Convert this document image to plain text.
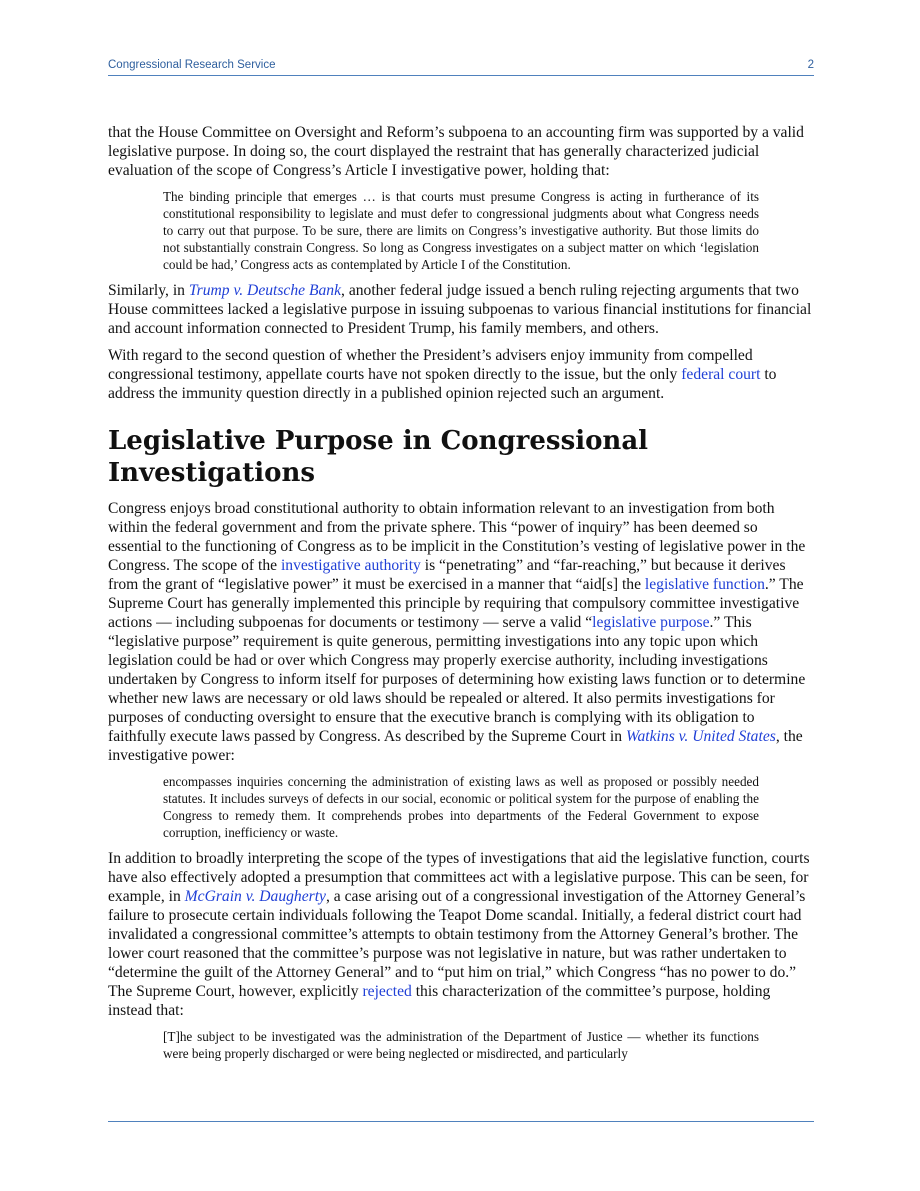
Congressional Research Service	2

that the House Committee on Oversight and Reform’s subpoena to an accounting firm was supported by a valid legislative purpose. In doing so, the court displayed the restraint that has generally characterized judicial evaluation of the scope of Congress’s Article I investigative power, holding that:

The binding principle that emerges … is that courts must presume Congress is acting in furtherance of its constitutional responsibility to legislate and must defer to congressional judgments about what Congress needs to carry out that purpose. To be sure, there are limits on Congress’s investigative authority. But those limits do not substantially constrain Congress. So long as Congress investigates on a subject matter on which ‘legislation could be had,’ Congress acts as contemplated by Article I of the Constitution.

Similarly, in Trump v. Deutsche Bank, another federal judge issued a bench ruling rejecting arguments that two House committees lacked a legislative purpose in issuing subpoenas to various financial institutions for financial and account information connected to President Trump, his family members, and others.

With regard to the second question of whether the President’s advisers enjoy immunity from compelled congressional testimony, appellate courts have not spoken directly to the issue, but the only federal court to address the immunity question directly in a published opinion rejected such an argument.

Legislative Purpose in Congressional Investigations

Congress enjoys broad constitutional authority to obtain information relevant to an investigation from both within the federal government and from the private sphere. This “power of inquiry” has been deemed so essential to the functioning of Congress as to be implicit in the Constitution’s vesting of legislative power in the Congress. The scope of the investigative authority is “penetrating” and “far-reaching,” but because it derives from the grant of “legislative power” it must be exercised in a manner that “aid[s] the legislative function.” The Supreme Court has generally implemented this principle by requiring that compulsory committee investigative actions — including subpoenas for documents or testimony — serve a valid “legislative purpose.” This “legislative purpose” requirement is quite generous, permitting investigations into any topic upon which legislation could be had or over which Congress may properly exercise authority, including investigations undertaken by Congress to inform itself for purposes of determining how existing laws function or to determine whether new laws are necessary or old laws should be repealed or altered. It also permits investigations for purposes of conducting oversight to ensure that the executive branch is complying with its obligation to faithfully execute laws passed by Congress. As described by the Supreme Court in Watkins v. United States, the investigative power:

encompasses inquiries concerning the administration of existing laws as well as proposed or possibly needed statutes. It includes surveys of defects in our social, economic or political system for the purpose of enabling the Congress to remedy them. It comprehends probes into departments of the Federal Government to expose corruption, inefficiency or waste.

In addition to broadly interpreting the scope of the types of investigations that aid the legislative function, courts have also effectively adopted a presumption that committees act with a legislative purpose. This can be seen, for example, in McGrain v. Daugherty, a case arising out of a congressional investigation of the Attorney General’s failure to prosecute certain individuals following the Teapot Dome scandal. Initially, a federal district court had invalidated a congressional committee’s attempts to obtain testimony from the Attorney General’s brother. The lower court reasoned that the committee’s purpose was not legislative in nature, but was rather undertaken to “determine the guilt of the Attorney General” and to “put him on trial,” which Congress “has no power to do.” The Supreme Court, however, explicitly rejected this characterization of the committee’s purpose, holding instead that:

[T]he subject to be investigated was the administration of the Department of Justice — whether its functions were being properly discharged or were being neglected or misdirected, and particularly
